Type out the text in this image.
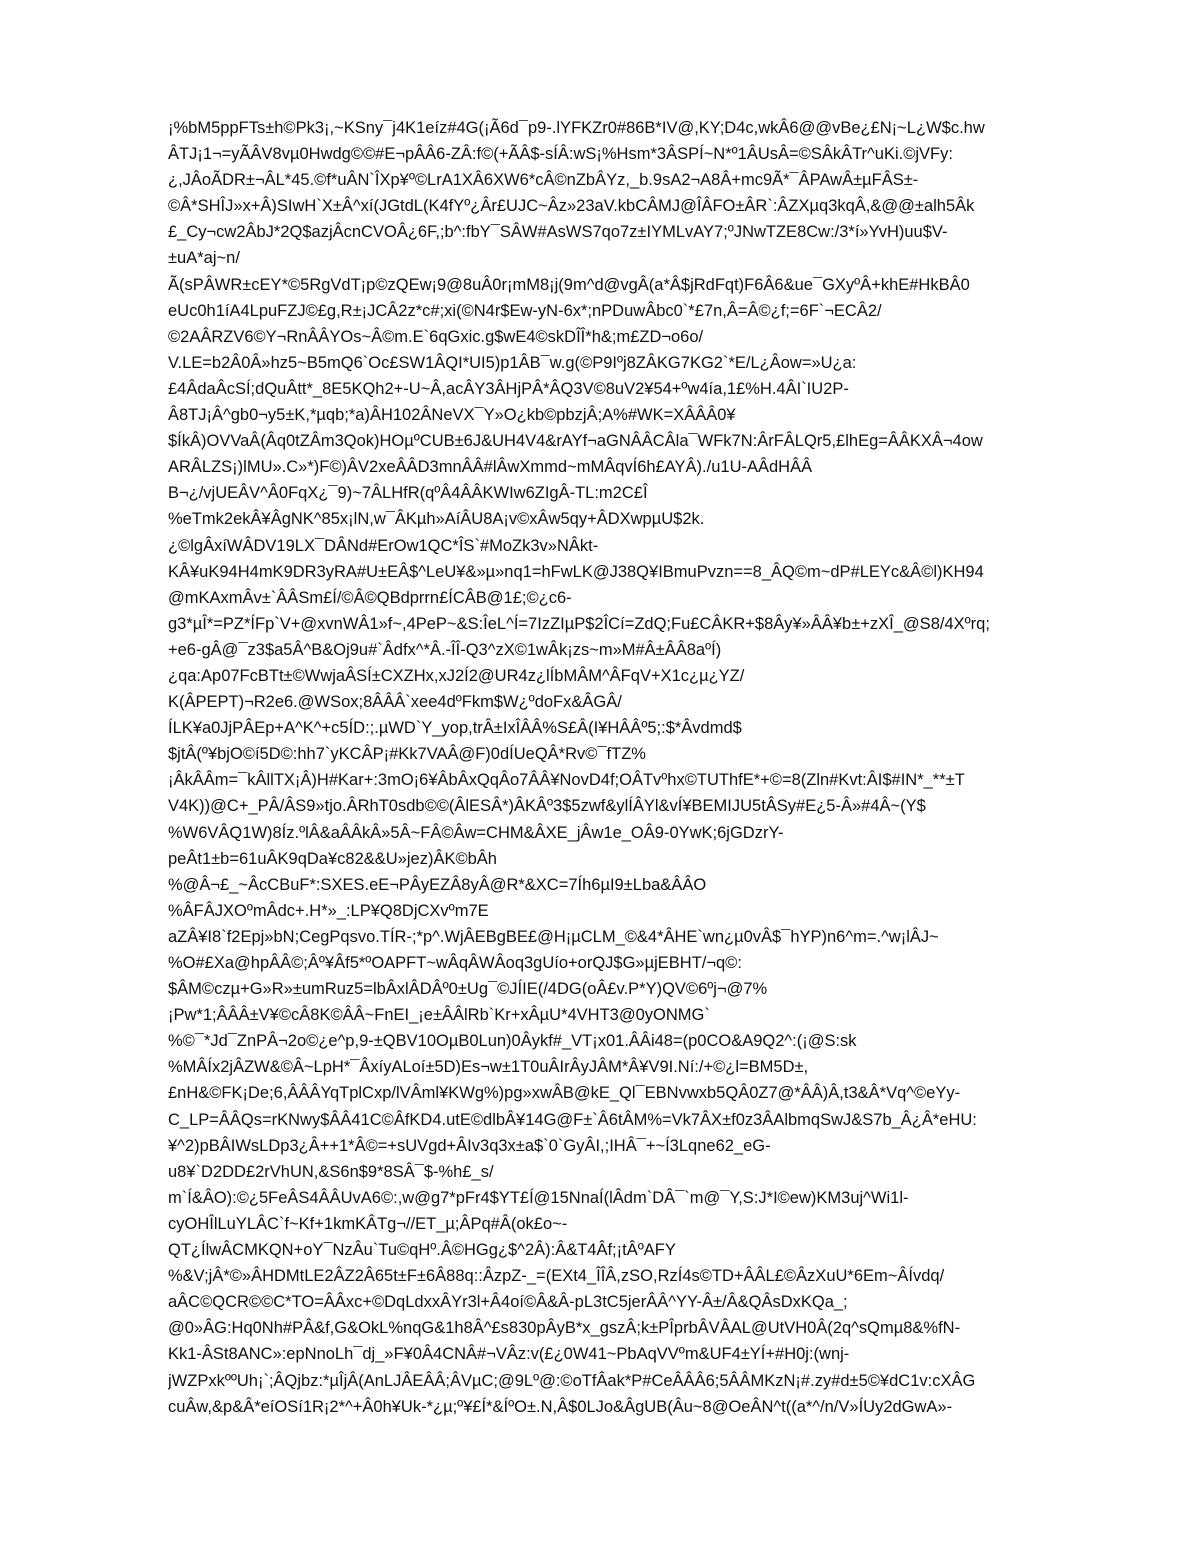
¡%bM5ppFTs±h©Pk3¡,~KSny¯j4K1eíz#4G(¡Ã6d¯p9-.lYFKZr0#86B*IV@,KY;D4c,wkÂ6@@vBe¿£N¡~L¿W$c.hw
ÂTJ¡1¬=yÃÂV8vµ0Hwdg©©#E¬pÂÂ6-ZÂ:f©(+ÃÂ$-sÍÂ:wS¡%Hsm*3ÂSPÍ~N*º1ÂUsÂ=©SÂkÂTr^uKi.©jVFy:
¿,JÂoÃDR±¬ÂL*45.©f*uÂN`ÎXp¥º©LrA1XÂ6XW6*cÂ©nZbÂYz,_b.9sA2¬A8Â+mc9Ã*¯ÂPAwÂ±µFÂS±-
©Â*SHÎJ»x+Â)SIwH`X±Â^xí(JGtdL(K4fYº¿Âr£UJC~Âz»23aV.kbCÂMJ@ÎÂFO±ÂR`:ÂZXµq3kqÂ,&@@±alh5Âk
£_Cy¬cw2ÂbJ*2Q$azjÂcnCVOÂ¿6F,;b^:fbY¯SÂW#AsWS7qo7z±IYMLvAY7;ºJNwTZE8Cw:/3*í»YvH)uu$V-
±uA*aj~n/
Ã(sPÂWR±cEY*©5RgVdT¡p©zQEw¡9@8uÂ0r¡mM8¡j(9m^d@vgÂ(a*Â$jRdFqt)F6Â6&ue¯GXyºÂ+khE#HkBÂ0
eUc0h1íA4LpuFZJ©£g,R±¡JCÂ2z*c#;xi(©N4r$Ew-yN-6x*;nPDuwÂbc0`*£7n,Â=Â©¿f;=6F`¬ECÂ2/
©2AÂRZV6©Y¬RnÂÂYOs~Â©m.E`6qGxic.g$wE4©skDÎÎ*h&;m£ZD¬o6o/
V.LE=b2Â0Â»hz5~B5mQ6`Oc£SW1ÂQI*UI5)p1ÂB¯w.g(©P9Iºj8ZÂKG7KG2`*E/L¿Âow=»U¿a:
£4ÂdaÂcSÍ;dQuÂtt*_8E5KQh2+-U~Â,acÂY3ÂHjPÂ*ÂQ3V©8uV2¥54+ºw4ía,1£%H.4ÂI`IU2P-
Â8TJ¡Â^gb0¬y5±K,*µqb;*a)ÂH102ÂNeVX¯Y»O¿kb©pbzjÂ;A%#WK=XÂÂÂ0¥
$ÍkÂ)OVVaÂ(Âq0tZÂm3Qok)HOµºCUB±6J&UH4V4&rAYf¬aGNÂÂCÂla¯WFk7N:ÂrFÂLQr5,£lhEg=ÂÂKXÂ¬4ow
ARÂLZS¡)lMU».C»*)F©)ÂV2xeÂÂD3mnÂÂ#lÂwXmmd~mMÂqvÍ6h£AYÂ)./u1U-AÂdHÂÂ
B¬¿/vjUEÂV^Â0FqX¿¯9)~7ÂLHfR(qºÂ4ÂÂKWIw6ZIgÂ-TL:m2C£Î
%eTmk2ekÂ¥ÂgNK^85x¡lN,w¯ÂKµh»AíÂU8A¡v©xÂw5qy+ÂDXwpµU$2k.
¿©lgÂxíWÂDV19LX¯DÂNd#ErOw1QC*ÎS`#MoZk3v»NÂkt-
KÂ¥uK94H4mK9DR3yRA#U±EÂ$^LeU¥&»µ»nq1=hFwLK@J38Q¥IBmuPvzn==8_ÂQ©m~dP#LEYc&Â©l)KH94
@mKAxmÂv±`ÂÂSm£Í/©Â©QBdprrn£ÍCÂB@1£;©¿c6-
g3*µÎ*=PZ*ÍFp`V+@xvnWÂ1»f~,4PeP~&S:ÎeL^Í=7IzZIµP$2ÎCí=ZdQ;Fu£CÂKR+$8Ây¥»ÂÂ¥b±+zXÎ_@S8/4Xºrq;
+e6-gÂ@¯z3$a5Â^B&Oj9u#`Âdfx^*Â.-ÎÎ-Q3^zX©1wÂk¡zs~m»M#Â±ÂÂ8aºÍ)
¿qa:Ap07FcBTt±©WwjaÂSÍ±CXZHx,xJ2Í2@UR4z¿lÍbMÂM^ÂFqV+X1c¿µ¿YZ/
K(ÂPEPT)¬R2e6.@WSox;8ÂÂÂ`xee4dºFkm$W¿ºdoFx&ÂGÂ/
ÍLK¥a0JjPÂEp+A^K^+c5ÍD:;.µWD`Y_yop,trÂ±IxÎÂÂ%S£Â(I¥HÂÂº5;:$*Âvdmd$
$jtÂ(º¥bjO©í5D©:hh7`yKCÂP¡#Kk7VAÂ@F)0dÍUeQÂ*Rv©¯fTZ%
¡ÂkÂÂm=¯kÂllTX¡Â)H#Kar+:3mO¡6¥ÂbÂxQqÂo7ÂÂ¥NovD4f;OÂTvºhx©TUThfE*+©=8(Zln#Kvt:ÂI$#IN*_**±T
V4K))@C+_PÂ/ÂS9»tjo.ÂRhT0sdb©©(ÂlESÂ*)ÂKÂº3$5zwf&ylÍÂYl&vÍ¥BEMIJU5tÂSy#E¿5-Â»#4Â~(Y$
%W6VÂQ1W)8Íz.ºlÂ&aÂÂkÂ»5Â~FÂ©Âw=CHM&ÂXE_jÂw1e_OÂ9-0YwK;6jGDzrY-
peÂt1±b=61uÂK9qDa¥c82&&U»jez)ÂK©bÂh
%@Â¬£_~ÂcCBuF*:SXES.eE¬PÂyEZÂ8yÂ@R*&XC=7Íh6µI9±Lba&ÂÂO
%ÂFÂJXOºmÂdc+.H*»_:LP¥Q8DjCXvºm7E
aZÂ¥I8`f2Epj»bN;CegPqsvo.TÍR-;*p^.WjÂEBgBE£@H¡µCLM_©&4*ÂHE`wn¿µ0vÂ$¯hYP)n6^m=.^w¡lÂJ~
%O#£Xa@hpÂÂ©;Âº¥Âf5*ºOAPFT~wÂqÂWÂoq3gUío+orQJ$G»µjEBHT/¬q©:
$ÂM©czµ+G»R»±umRuz5=lbÂxlÂDÂº0±Ug¯©JÍIE(/4DG(oÂ£v.P*Y)QV©6ºj¬@7%
¡Pw*1;ÂÂÂ±V¥©cÂ8K©ÂÂ~FnEI_¡e±ÂÂlRb`Kr+xÂµU*4VHT3@0yONMG`
%©¯*Jd¯ZnPÂ¬2o©¿e^p,9-±QBV10OµB0Lun)0Âykf#_VT¡x01.ÂÂi48=(p0CO&A9Q2^:(¡@S:sk
%MÂÍx2jÂZW&©Â~LpH*¯ÂxíyALoí±5D)Es¬w±1T0uÂIrÂyJÂM*Â¥V9I.Ní:/+©¿l=BM5D±,
£nH&©FK¡De;6,ÂÂÂYqTplCxp/lVÂml¥KWg%)pg»xwÂB@kE_Ql¯EBNvwxb5QÂ0Z7@*ÂÂ)Â,t3&Â*Vq^©eYy-
C_LP=ÂÂQs=rKNwy$ÂÂ41C©ÂfKD4.utE©dlbÂ¥14G@F±`Â6tÂM%=Vk7ÂX±f0z3ÂAlbmqSwJ&S7b_Â¿Â*eHU:
¥^2)pBÂIWsLDp3¿Â++1*Â©=+sUVgd+ÂIv3q3x±a$`0`GyÂI,;IHÂ¯+~Í3Lqne62_eG-
u8¥`D2DD£2rVhUN,&S6n$9*8SÂ¯$-%h£_s/
m`Í&ÂO):©¿5FeÂS4ÂÂUvA6©:,w@g7*pFr4$YT£Í@15NnaÍ(lÂdm`DÂ¯`m@¯Y,S:J*I©ew)KM3uj^Wi1l-
cyOHÎlLuYLÂC`f~Kf+1kmKÂTg¬//ET_µ;ÂPq#Â(ok£o~-
QT¿ÍlwÂCMKQN+oY¯NzÂu`Tu©qHº.Â©HGg¿$^2Â):Â&T4Âf;¡tÂºAFY
%&V;jÂ*©»ÂHDMtLE2ÂZ2Â65t±F±6Â88q::ÂzpZ-_=(EXt4_ÎÎÂ,zSO,RzÍ4s©TD+ÂÂL£©ÂzXuU*6Em~ÂÍvdq/
aÂC©QCR©©C*TO=ÂÂxc+©DqLdxxÂYr3l+Â4oí©Â&Â-pL3tC5jerÂÂ^YY-Â±/Â&QÂsDxKQa_;
@0»ÂG:Hq0Nh#PÂ&f,G&OkL%nqG&1h8Â^£s830pÂyB*x_gszÂ;k±PÎprbÂVÂAL@UtVH0Â(2q^sQmµ8&%fN-
Kk1-ÂSt8ANC»:epNnoLh¯dj_»F¥0Â4CNÂ#¬VÂz:v(£¿0W41~PbAqVVºm&UF4±YÍ+#H0j:(wnj-
jWZPxkººUh¡`;ÂQjbz:*µÎjÂ(AnLJÂEÂÂ;ÂVµC;@9Lº@:©oTfÂak*P#CeÂÂÂ6;5ÂÂMKzN¡#.zy#d±5©¥dC1v:cXÂG
cuÂw,&p&Â*eíOSí1R¡2*^+Â0h¥Uk-*¿µ;º¥£Í*&ÍºO±.N,Â$0LJo&ÂgUB(Âu~8@OeÂN^t((a*^/n/V»ÍUy2dGwA»-
